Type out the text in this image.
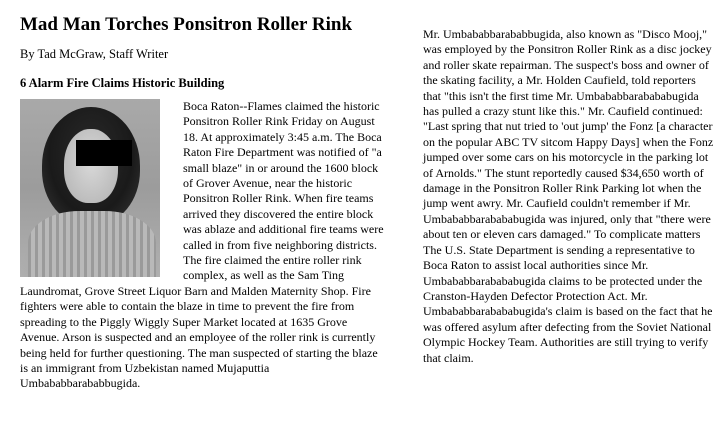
Mad Man Torches Ponsitron Roller Rink
By Tad McGraw, Staff Writer
6 Alarm Fire Claims Historic Building
Boca Raton--Flames claimed the historic Ponsitron Roller Rink Friday on August 18. At approximately 3:45 a.m. The Boca Raton Fire Department was notified of "a small blaze" in or around the 1600 block of Grover Avenue, near the historic Ponsitron Roller Rink. When fire teams arrived they discovered the entire block was ablaze and additional fire teams were called in from five neighboring districts. The fire claimed the entire roller rink complex, as well as the Sam Ting Laundromat, Grove Street Liquor Barn and Malden Maternity Shop. Fire fighters were able to contain the blaze in time to prevent the fire from spreading to the Piggly Wiggly Super Market located at 1635 Grove Avenue. Arson is suspected and an employee of the roller rink is currently being held for further questioning. The man suspected of starting the blaze is an immigrant from Uzbekistan named Mujaputtia Umbababbarababbugida.
Mr. Umbababbarababbugida, also known as "Disco Mooj," was employed by the Ponsitron Roller Rink as a disc jockey and roller skate repairman. The suspect's boss and owner of the skating facility, a Mr. Holden Caufield, told reporters that "this isn't the first time Mr. Umbababbarabababugida has pulled a crazy stunt like this." Mr. Caufield continued: "Last spring that nut tried to 'out jump' the Fonz [a character on the popular ABC TV sitcom Happy Days] when the Fonz jumped over some cars on his motorcycle in the parking lot of Arnolds." The stunt reportedly caused $34,650 worth of damage in the Ponsitron Roller Rink Parking lot when the jump went awry. Mr. Caufield couldn't remember if Mr. Umbababbarabababugida was injured, only that "there were about ten or eleven cars damaged." To complicate matters The U.S. State Department is sending a representative to Boca Raton to assist local authorities since Mr. Umbababbarabababugida claims to be protected under the Cranston-Hayden Defector Protection Act. Mr. Umbababbarabababugida's claim is based on the fact that he was offered asylum after defecting from the Soviet National Olympic Hockey Team. Authorities are still trying to verify that claim.
